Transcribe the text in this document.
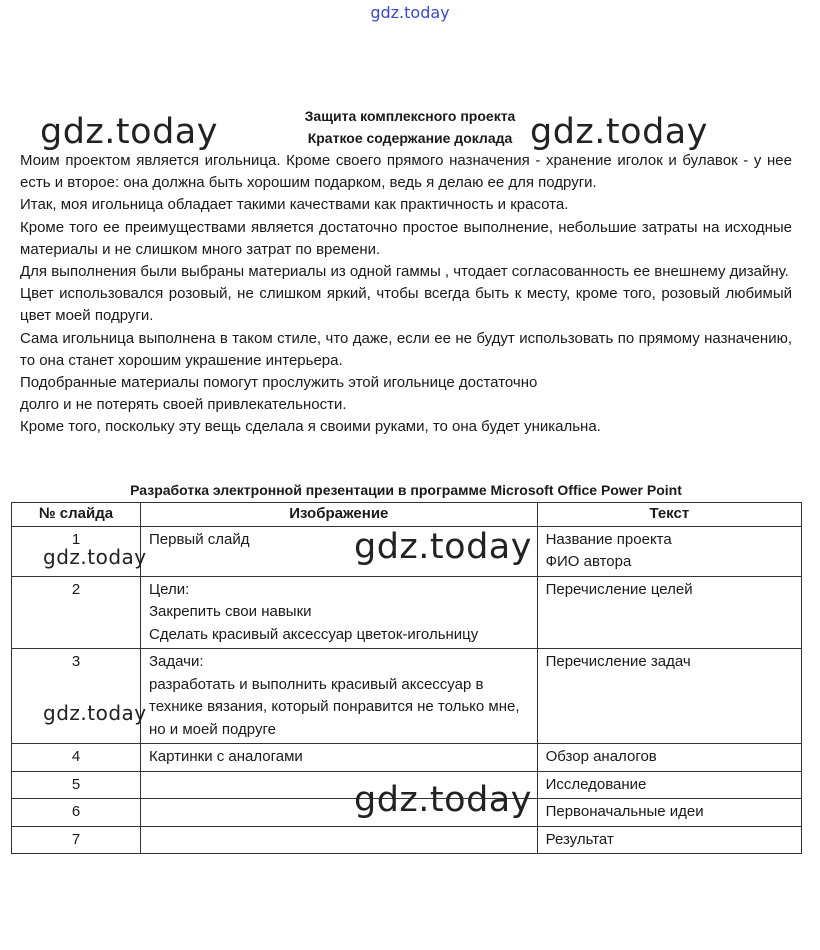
gdz.today
Защита комплексного проекта
Краткое содержание доклада

Моим проектом является игольница. Кроме своего прямого назначения - хранение иголок и булавок - у нее есть и второе: она должна быть хорошим подарком, ведь я делаю ее для подруги.

Итак, моя игольница обладает такими качествами как практичность и красота.

Кроме того ее преимуществами является достаточно простое выполнение, небольшие затраты на исходные материалы и не слишком много затрат по времени.

Для выполнения были выбраны материалы из одной гаммы , чтодает согласованность ее внешнему дизайну.

Цвет использовался розовый, не слишком яркий, чтобы всегда быть к месту, кроме того, розовый любимый цвет моей подруги.

Сама игольница выполнена в таком стиле, что даже, если ее не будут использовать по прямому назначению, то она станет хорошим украшение интерьера.

Подобранные материалы помогут прослужить этой игольнице достаточно

долго и не потерять своей привлекательности.

Кроме того, поскольку эту вещь сделала я своими руками, то она будет уникальна.

Разработка электронной презентации в программе Microsoft Office Power Point
№ слайда	Изображение	Текст
1	Первый слайд	Название проекта
ФИО автора

2	Цели:
Закрепить свои навыки
Сделать красивый аксессуар цветок-игольницу	Перечисление целей

3	Задачи:
разработать и выполнить красивый аксессуар в технике вязания, который понравится не только мне, но и моей подруге	Перечисление задач

4	Картинки с аналогами	Обзор аналогов

5		Исследование

6		Первоначальные идеи

7		Результат
gdz.today	gdz.today
gdz.today
gdz.today
gdz.today
gdz.today
